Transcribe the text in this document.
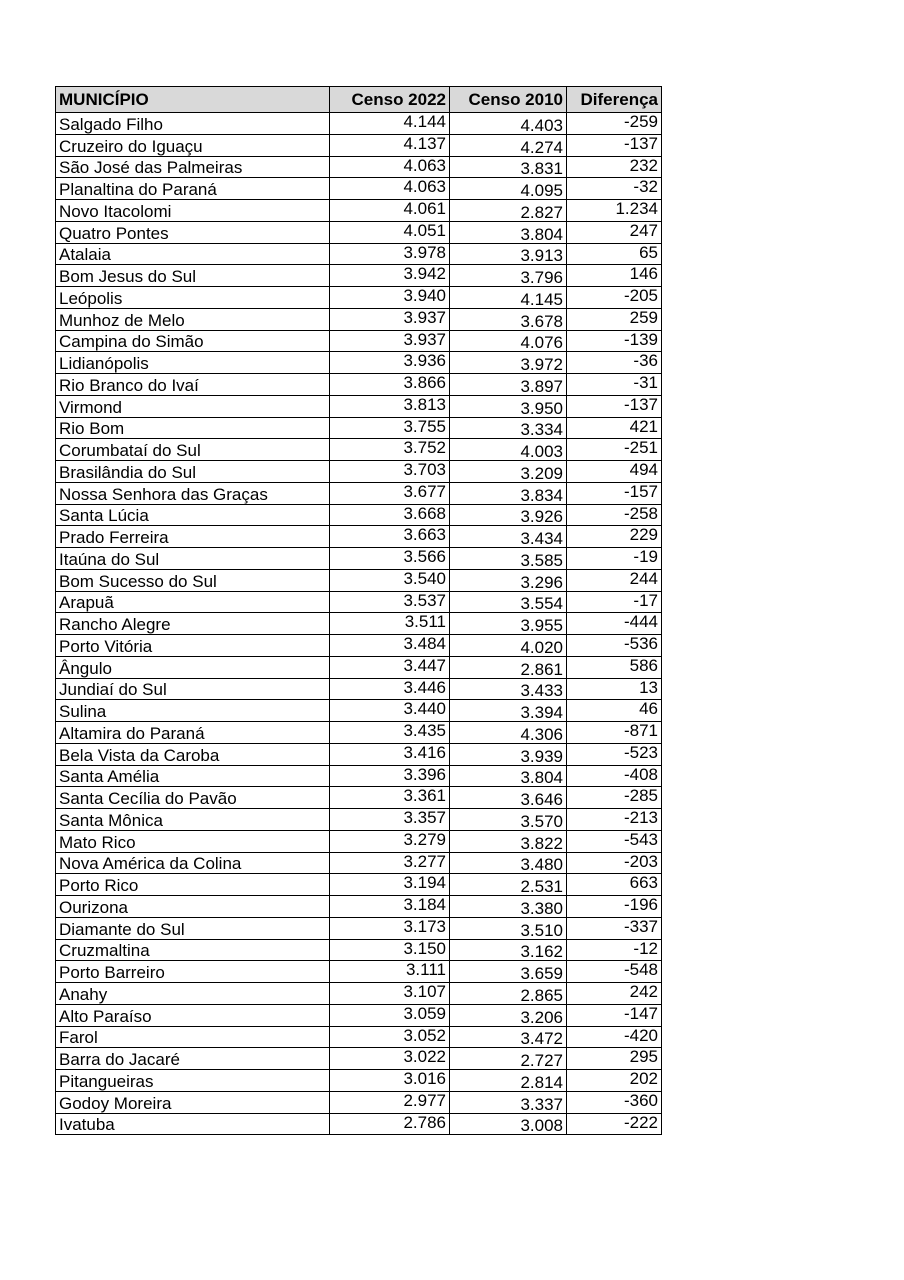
MUNICÍPIO	Censo 2022	Censo 2010	Diferença
Salgado Filho	4.144	4.403	-259
Cruzeiro do Iguaçu	4.137	4.274	-137
São José das Palmeiras	4.063	3.831	232
Planaltina do Paraná	4.063	4.095	-32
Novo Itacolomi	4.061	2.827	1.234
Quatro Pontes	4.051	3.804	247
Atalaia	3.978	3.913	65
Bom Jesus do Sul	3.942	3.796	146
Leópolis	3.940	4.145	-205
Munhoz de Melo	3.937	3.678	259
Campina do Simão	3.937	4.076	-139
Lidianópolis	3.936	3.972	-36
Rio Branco do Ivaí	3.866	3.897	-31
Virmond	3.813	3.950	-137
Rio Bom	3.755	3.334	421
Corumbataí do Sul	3.752	4.003	-251
Brasilândia do Sul	3.703	3.209	494
Nossa Senhora das Graças	3.677	3.834	-157
Santa Lúcia	3.668	3.926	-258
Prado Ferreira	3.663	3.434	229
Itaúna do Sul	3.566	3.585	-19
Bom Sucesso do Sul	3.540	3.296	244
Arapuã	3.537	3.554	-17
Rancho Alegre	3.511	3.955	-444
Porto Vitória	3.484	4.020	-536
Ângulo	3.447	2.861	586
Jundiaí do Sul	3.446	3.433	13
Sulina	3.440	3.394	46
Altamira do Paraná	3.435	4.306	-871
Bela Vista da Caroba	3.416	3.939	-523
Santa Amélia	3.396	3.804	-408
Santa Cecília do Pavão	3.361	3.646	-285
Santa Mônica	3.357	3.570	-213
Mato Rico	3.279	3.822	-543
Nova América da Colina	3.277	3.480	-203
Porto Rico	3.194	2.531	663
Ourizona	3.184	3.380	-196
Diamante do Sul	3.173	3.510	-337
Cruzmaltina	3.150	3.162	-12
Porto Barreiro	3.111	3.659	-548
Anahy	3.107	2.865	242
Alto Paraíso	3.059	3.206	-147
Farol	3.052	3.472	-420
Barra do Jacaré	3.022	2.727	295
Pitangueiras	3.016	2.814	202
Godoy Moreira	2.977	3.337	-360
Ivatuba	2.786	3.008	-222
